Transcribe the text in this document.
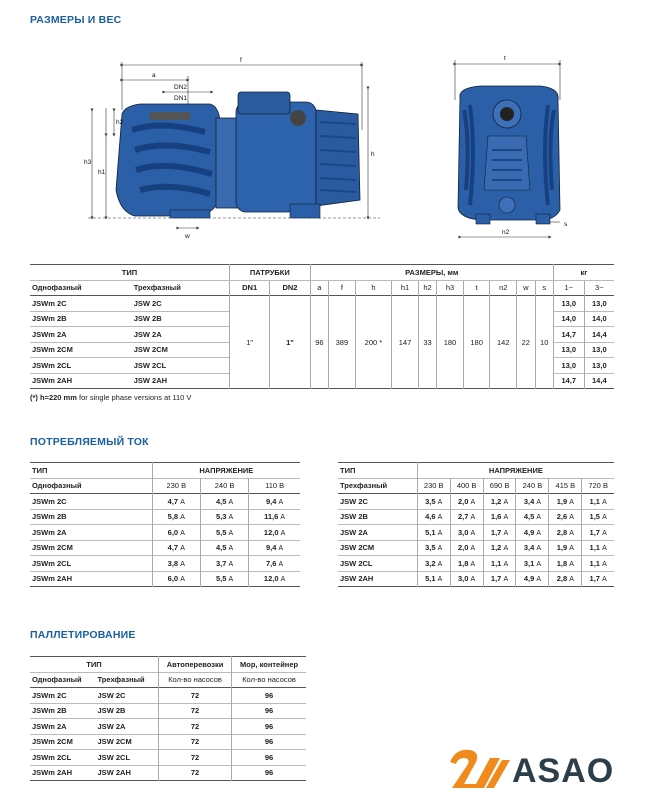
РАЗМЕРЫ И ВЕС
f
a
DN2
DN1
h2
h3
h1
h
w
t
n2
s
ТИП		ПАТРУБКИ		РАЗМЕРЫ, мм										кг	
Однофазный	Трехфазный	DN1	DN2	a	f	h	h1	h2	h3	t	n2	w	s	1~	3~
JSWm 2C	JSW 2C	1"	1"	96	389	200 *	147	33	180	180	142	22	10	13,0	13,0
JSWm 2B	JSW 2B													14,0	14,0
JSWm 2A	JSW 2A													14,7	14,4
JSWm 2CM	JSW 2CM													13,0	13,0
JSWm 2CL	JSW 2CL													13,0	13,0
JSWm 2AH	JSW 2AH													14,7	14,4
(*) h=220 mm for single phase versions at 110 V
ПОТРЕБЛЯЕМЫЙ ТОК
ТИП	НАПРЯЖЕНИЕ		
Однофазный	230 В	240 В	110 В
JSWm 2C	4,7 A	4,5 A	9,4 A
JSWm 2B	5,8 A	5,3 A	11,6 A
JSWm 2A	6,0 A	5,5 A	12,0 A
JSWm 2CM	4,7 A	4,5 A	9,4 A
JSWm 2CL	3,8 A	3,7 A	7,6 A
JSWm 2AH	6,0 A	5,5 A	12,0 A
ТИП	НАПРЯЖЕНИЕ					
Трехфазный	230 В	400 В	690 В	240 В	415 В	720 В
JSW 2C	3,5 A	2,0 A	1,2 A	3,4 A	1,9 A	1,1 A
JSW 2B	4,6 A	2,7 A	1,6 A	4,5 A	2,6 A	1,5 A
JSW 2A	5,1 A	3,0 A	1,7 A	4,9 A	2,8 A	1,7 A
JSW 2CM	3,5 A	2,0 A	1,2 A	3,4 A	1,9 A	1,1 A
JSW 2CL	3,2 A	1,8 A	1,1 A	3,1 A	1,8 A	1,1 A
JSW 2AH	5,1 A	3,0 A	1,7 A	4,9 A	2,8 A	1,7 A
ПАЛЛЕТИРОВАНИЕ
ТИП		Автоперевозки	Мор, контейнер
Однофазный	Трехфазный	Кол-во насосов	Кол-во насосов
JSWm 2C	JSW 2C	72	96
JSWm 2B	JSW 2B	72	96
JSWm 2A	JSW 2A	72	96
JSWm 2CM	JSW 2CM	72	96
JSWm 2CL	JSW 2CL	72	96
JSWm 2AH	JSW 2AH	72	96	ASAO
